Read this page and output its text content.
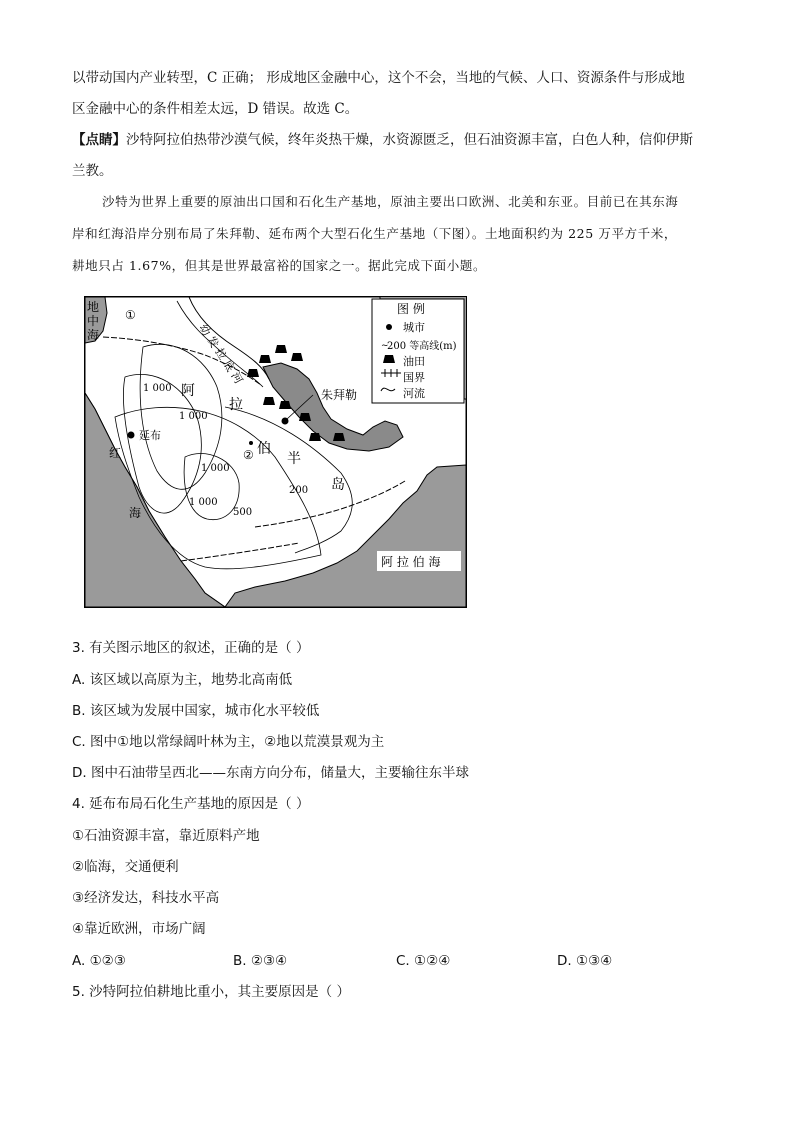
以带动国内产业转型，C 正确； 形成地区金融中心，这个不会，当地的气候、人口、资源条件与形成地
区金融中心的条件相差太远，D 错误。故选 C。
【点睛】沙特阿拉伯热带沙漠气候，终年炎热干燥，水资源匮乏，但石油资源丰富，白色人种，信仰伊斯
兰教。
沙特为世界上重要的原油出口国和石化生产基地，原油主要出口欧洲、北美和东亚。目前已在其东海
岸和红海沿岸分别布局了朱拜勒、延布两个大型石化生产基地（下图）。土地面积约为 225 万平方千米，
耕地只占 1.67%，但其是世界最富裕的国家之一。据此完成下面小题。
~
图 例
城市
200 等高线(m)
油田
国界
河流
地
中
海
红
海
阿 拉 伯 海
幼
发
拉
底
河
阿
拉
伯
半
岛
朱拜勒
延布
①
②
1 000
1 000
1 000
1 000
500
200
3. 有关图示地区的叙述，正确的是（ ）
A. 该区域以高原为主，地势北高南低
B. 该区域为发展中国家，城市化水平较低
C. 图中①地以常绿阔叶林为主，②地以荒漠景观为主
D. 图中石油带呈西北——东南方向分布，储量大，主要输往东半球
4. 延布布局石化生产基地的原因是（ ）
①石油资源丰富，靠近原料产地
②临海，交通便利
③经济发达，科技水平高
④靠近欧洲，市场广阔
A. ①②③	B. ②③④	C. ①②④	D. ①③④
5. 沙特阿拉伯耕地比重小，其主要原因是（ ）
